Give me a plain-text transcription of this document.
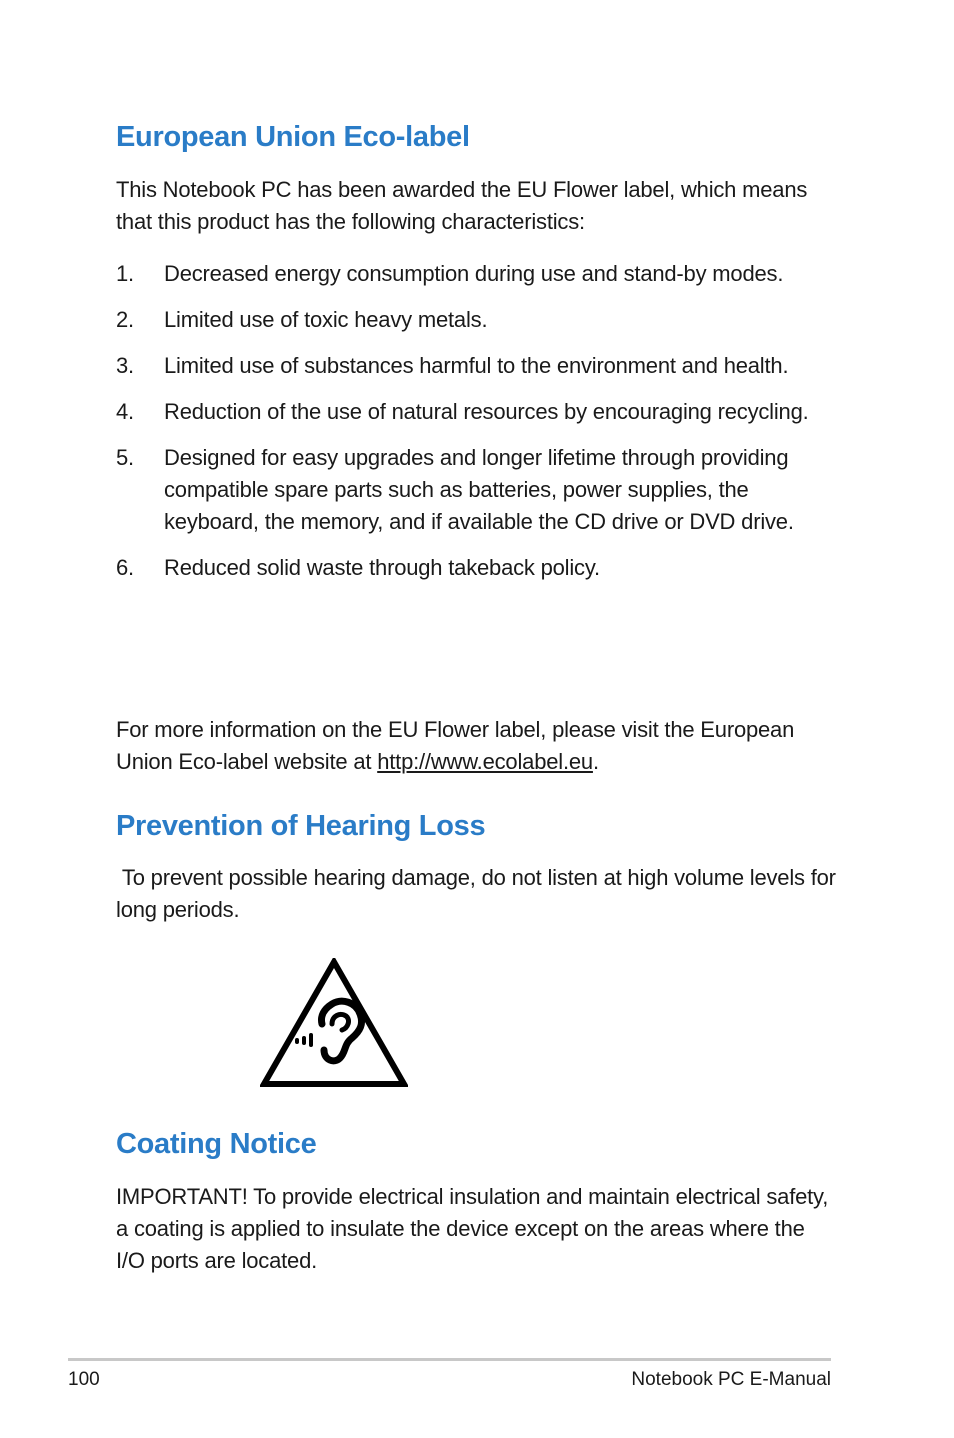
European Union Eco-label

This Notebook PC has been awarded the EU Flower label, which means that this product has the following characteristics:

1.	Decreased energy consumption during use and stand-by modes.
2.	Limited use of toxic heavy metals.
3.	Limited use of substances harmful to the environment and health.
4.	Reduction of the use of natural resources by encouraging recycling.
5.	Designed for easy upgrades and longer lifetime through providing compatible spare parts such as batteries, power supplies, the keyboard, the memory, and if available the CD drive or DVD drive.
6.	Reduced solid waste through takeback policy.

For more information on the EU Flower label, please visit the European Union Eco-label website at http://www.ecolabel.eu.

Prevention of Hearing Loss

To prevent possible hearing damage, do not listen at high volume levels for long periods.

Coating Notice

IMPORTANT! To provide electrical insulation and maintain electrical safety, a coating is applied to insulate the device except on the areas where the I/O ports are located.

100	Notebook PC E-Manual
